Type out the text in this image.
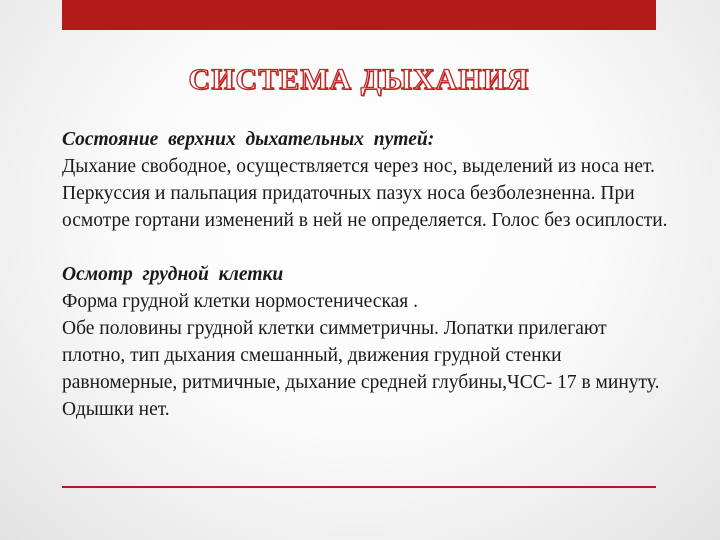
СИСТЕМА ДЫХАНИЯ
Состояние  верхних  дыхательных  путей:

Дыхание свободное, осуществляется через нос, выделений из носа нет. Перкуссия и пальпация придаточных пазух носа безболезненна. При осмотре гортани изменений в ней не определяется. Голос без осиплости.

Осмотр  грудной  клетки

Форма грудной клетки нормостеническая .

Обе половины грудной клетки симметричны. Лопатки прилегают плотно, тип дыхания смешанный, движения грудной стенки равномерные, ритмичные, дыхание средней глубины,ЧСС- 17 в минуту. Одышки нет.
